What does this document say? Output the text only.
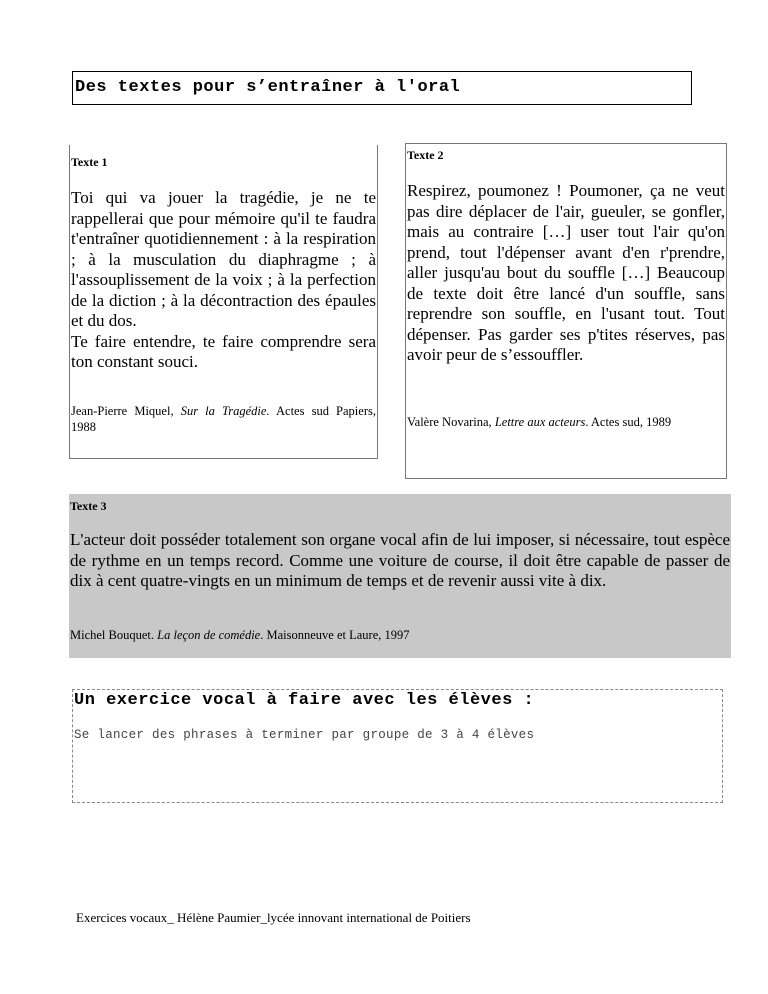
Des textes pour s’entraîner à l'oral
Texte 1
Toi qui va jouer la tragédie, je ne te rappellerai que pour mémoire qu'il te faudra t'entraîner quotidiennement : à la respiration ; à la musculation du diaphragme ; à l'assouplissement de la voix ; à la perfection de la diction ; à la décontraction des épaules et du dos.
Te faire entendre, te faire comprendre sera ton constant souci.
Jean-Pierre Miquel, Sur la Tragédie. Actes sud Papiers, 1988
Texte 2
Respirez, poumonez ! Poumoner, ça ne veut pas dire déplacer de l'air, gueuler, se gonfler, mais au contraire […] user tout l'air qu'on prend, tout l'dépenser avant d'en r'prendre, aller jusqu'au bout du souffle […] Beaucoup de texte doit être lancé d'un souffle, sans reprendre son souffle, en l'usant tout. Tout dépenser. Pas garder ses p'tites réserves, pas avoir peur de s’essouffler.
Valère Novarina, Lettre aux acteurs. Actes sud, 1989
Texte 3
L'acteur doit posséder totalement son organe vocal afin de lui imposer, si nécessaire, tout espèce de rythme en un temps record. Comme une voiture de course, il doit être capable de passer de dix à cent quatre-vingts en un minimum de temps et de revenir aussi vite à dix.
Michel Bouquet. La leçon de comédie. Maisonneuve et Laure, 1997
Un exercice vocal à faire avec les élèves :
Se lancer des phrases à terminer par groupe de 3 à 4 élèves
Exercices vocaux_ Hélène Paumier_lycée innovant international de Poitiers
